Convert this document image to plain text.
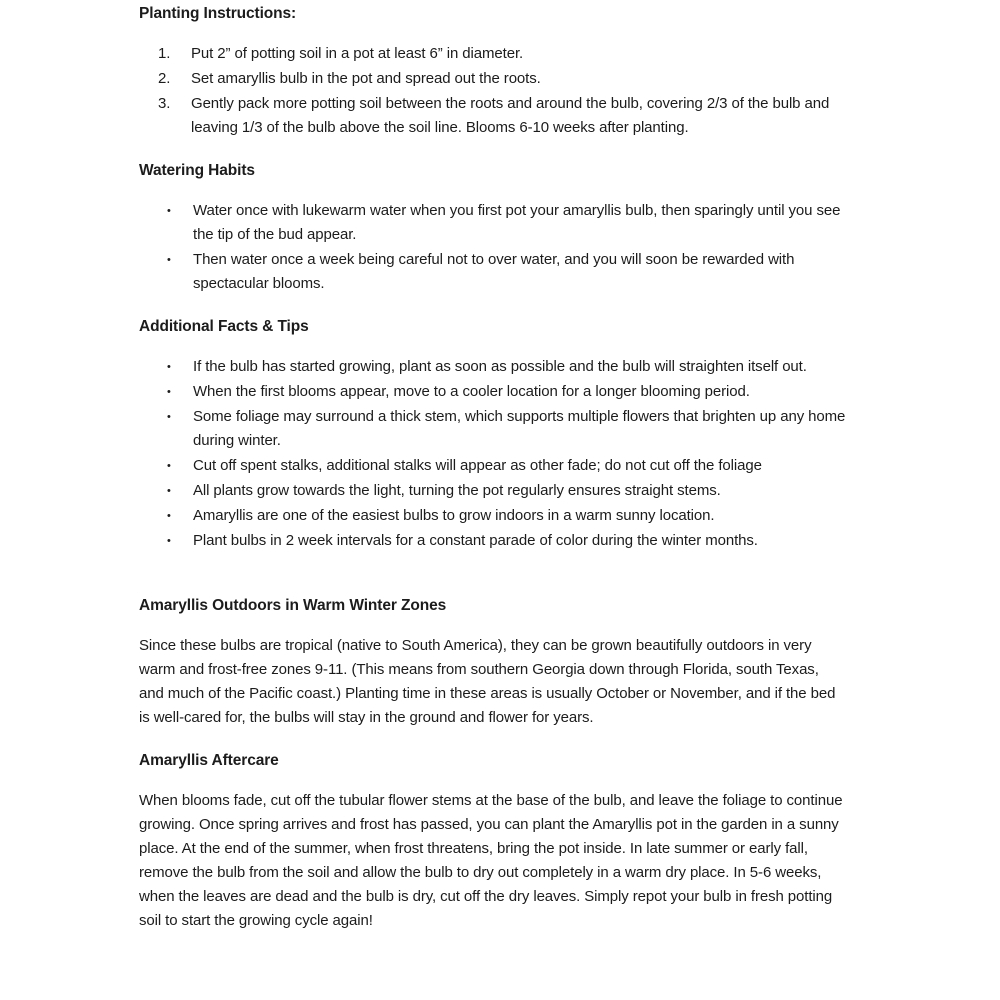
Planting Instructions:
1.	Put 2” of potting soil in a pot at least 6” in diameter.
2.	Set amaryllis bulb in the pot and spread out the roots.
3.	Gently pack more potting soil between the roots and around the bulb, covering 2/3 of the bulb and leaving 1/3 of the bulb above the soil line. Blooms 6-10 weeks after planting.
Watering Habits
•	Water once with lukewarm water when you first pot your amaryllis bulb, then sparingly until you see the tip of the bud appear.
•	Then water once a week being careful not to over water, and you will soon be rewarded with spectacular blooms.
Additional Facts & Tips
•	If the bulb has started growing, plant as soon as possible and the bulb will straighten itself out.
•	When the first blooms appear, move to a cooler location for a longer blooming period.
•	Some foliage may surround a thick stem, which supports multiple flowers that brighten up any home during winter.
•	Cut off spent stalks, additional stalks will appear as other fade; do not cut off the foliage
•	All plants grow towards the light, turning the pot regularly ensures straight stems.
•	Amaryllis are one of the easiest bulbs to grow indoors in a warm sunny location.
•	Plant bulbs in 2 week intervals for a constant parade of color during the winter months.
Amaryllis Outdoors in Warm Winter Zones
Since these bulbs are tropical (native to South America), they can be grown beautifully outdoors in very warm and frost-free zones 9-11. (This means from southern Georgia down through Florida, south Texas, and much of the Pacific coast.) Planting time in these areas is usually October or November, and if the bed is well-cared for, the bulbs will stay in the ground and flower for years.
Amaryllis Aftercare
When blooms fade, cut off the tubular flower stems at the base of the bulb, and leave the foliage to continue growing. Once spring arrives and frost has passed, you can plant the Amaryllis pot in the garden in a sunny place. At the end of the summer, when frost threatens, bring the pot inside. In late summer or early fall, remove the bulb from the soil and allow the bulb to dry out completely in a warm dry place. In 5-6 weeks, when the leaves are dead and the bulb is dry, cut off the dry leaves. Simply repot your bulb in fresh potting soil to start the growing cycle again!
